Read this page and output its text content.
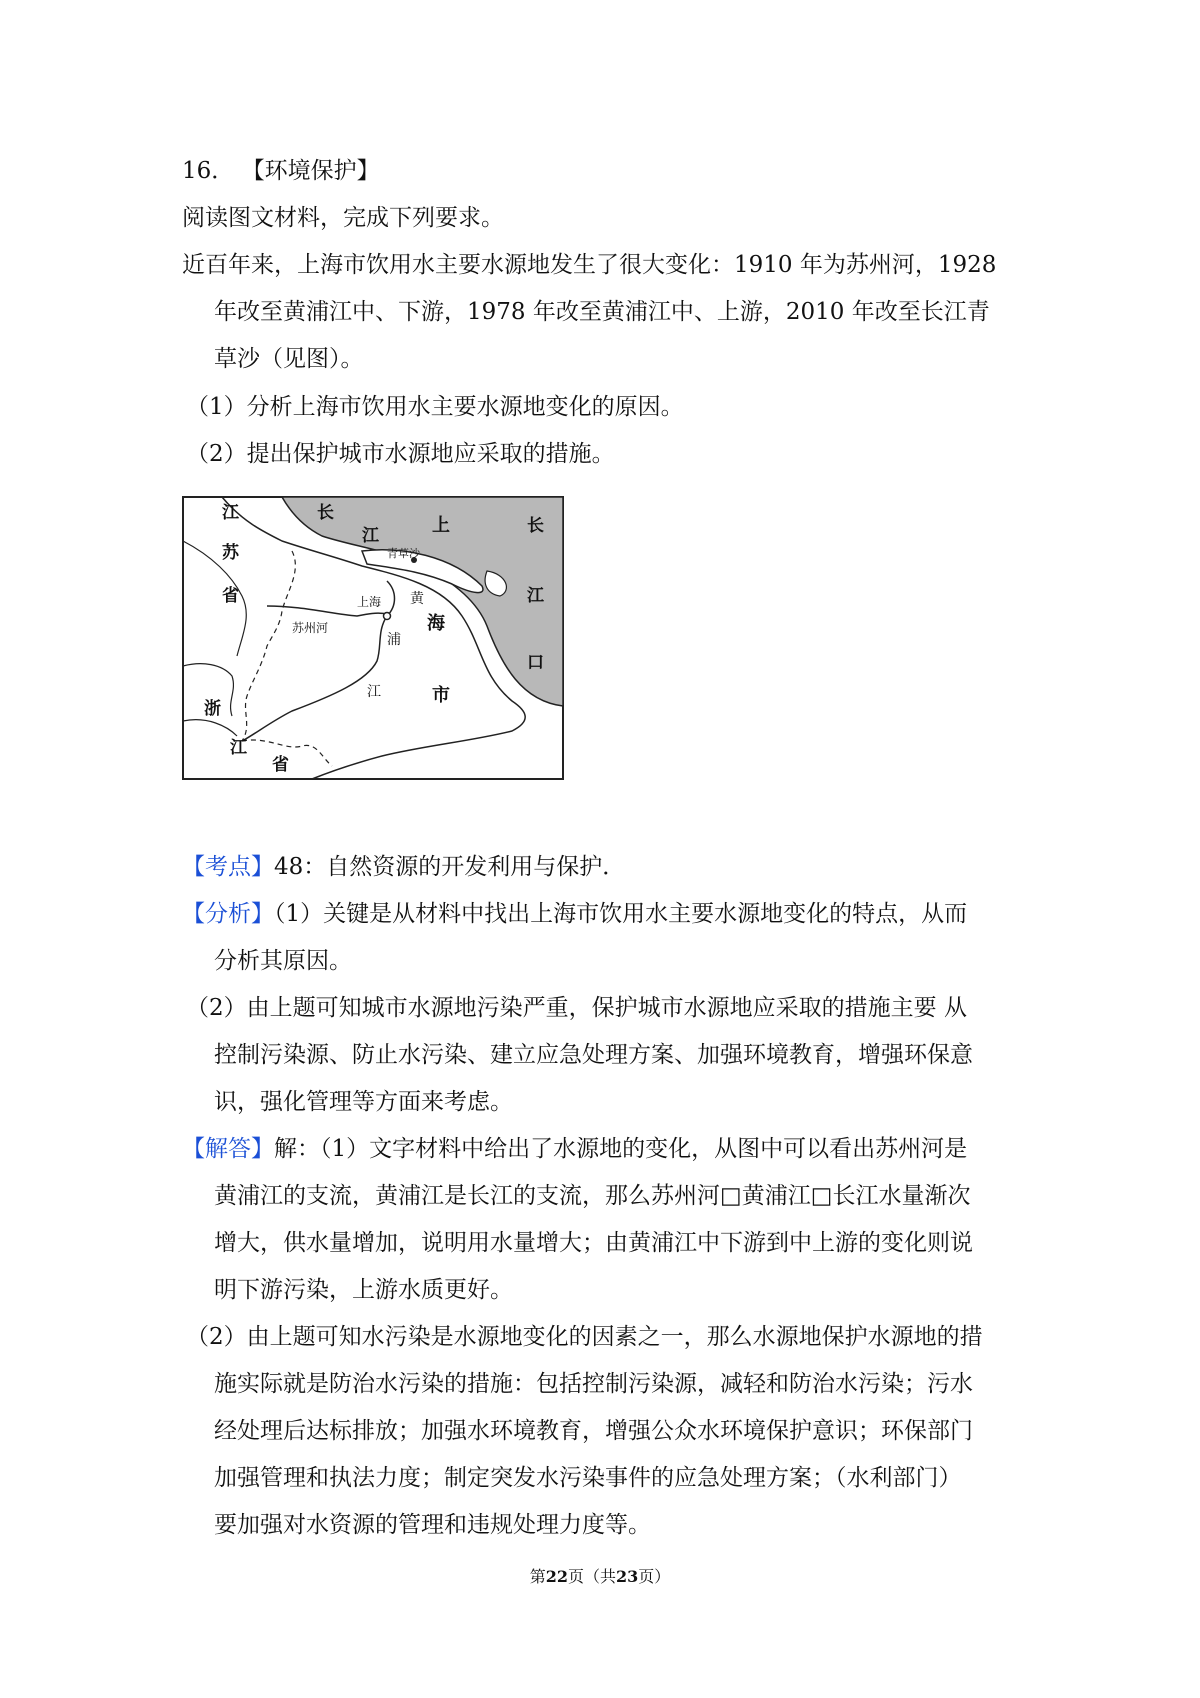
16． 【环境保护】
阅读图文材料，完成下列要求。
近百年来，上海市饮用水主要水源地发生了很大变化：1910 年为苏州河，1928
年改至黄浦江中、下游，1978 年改至黄浦江中、上游，2010 年改至长江青
草沙（见图）。
（1）分析上海市饮用水主要水源地变化的原因。
（2）提出保护城市水源地应采取的措施。
江
苏
省
长
江	上
海
市
青草沙
上海
苏州河
黄
浦
江
长
江
口
浙
江
省
【考点】48：自然资源的开发利用与保护．
【分析】（1）关键是从材料中找出上海市饮用水主要水源地变化的特点，从而
分析其原因。
（2）由上题可知城市水源地污染严重，保护城市水源地应采取的措施主要 从
控制污染源、防止水污染、建立应急处理方案、加强环境教育，增强环保意
识，强化管理等方面来考虑。
【解答】解：（1）文字材料中给出了水源地的变化，从图中可以看出苏州河是
黄浦江的支流，黄浦江是长江的支流，那么苏州河□黄浦江□长江水量渐次
增大，供水量增加，说明用水量增大；由黄浦江中下游到中上游的变化则说
明下游污染，上游水质更好。
（2）由上题可知水污染是水源地变化的因素之一，那么水源地保护水源地的措
施实际就是防治水污染的措施：包括控制污染源，减轻和防治水污染；污水
经处理后达标排放；加强水环境教育，增强公众水环境保护意识；环保部门
加强管理和执法力度；制定突发水污染事件的应急处理方案；（水利部门）
要加强对水资源的管理和违规处理力度等。
第22页（共23页）
